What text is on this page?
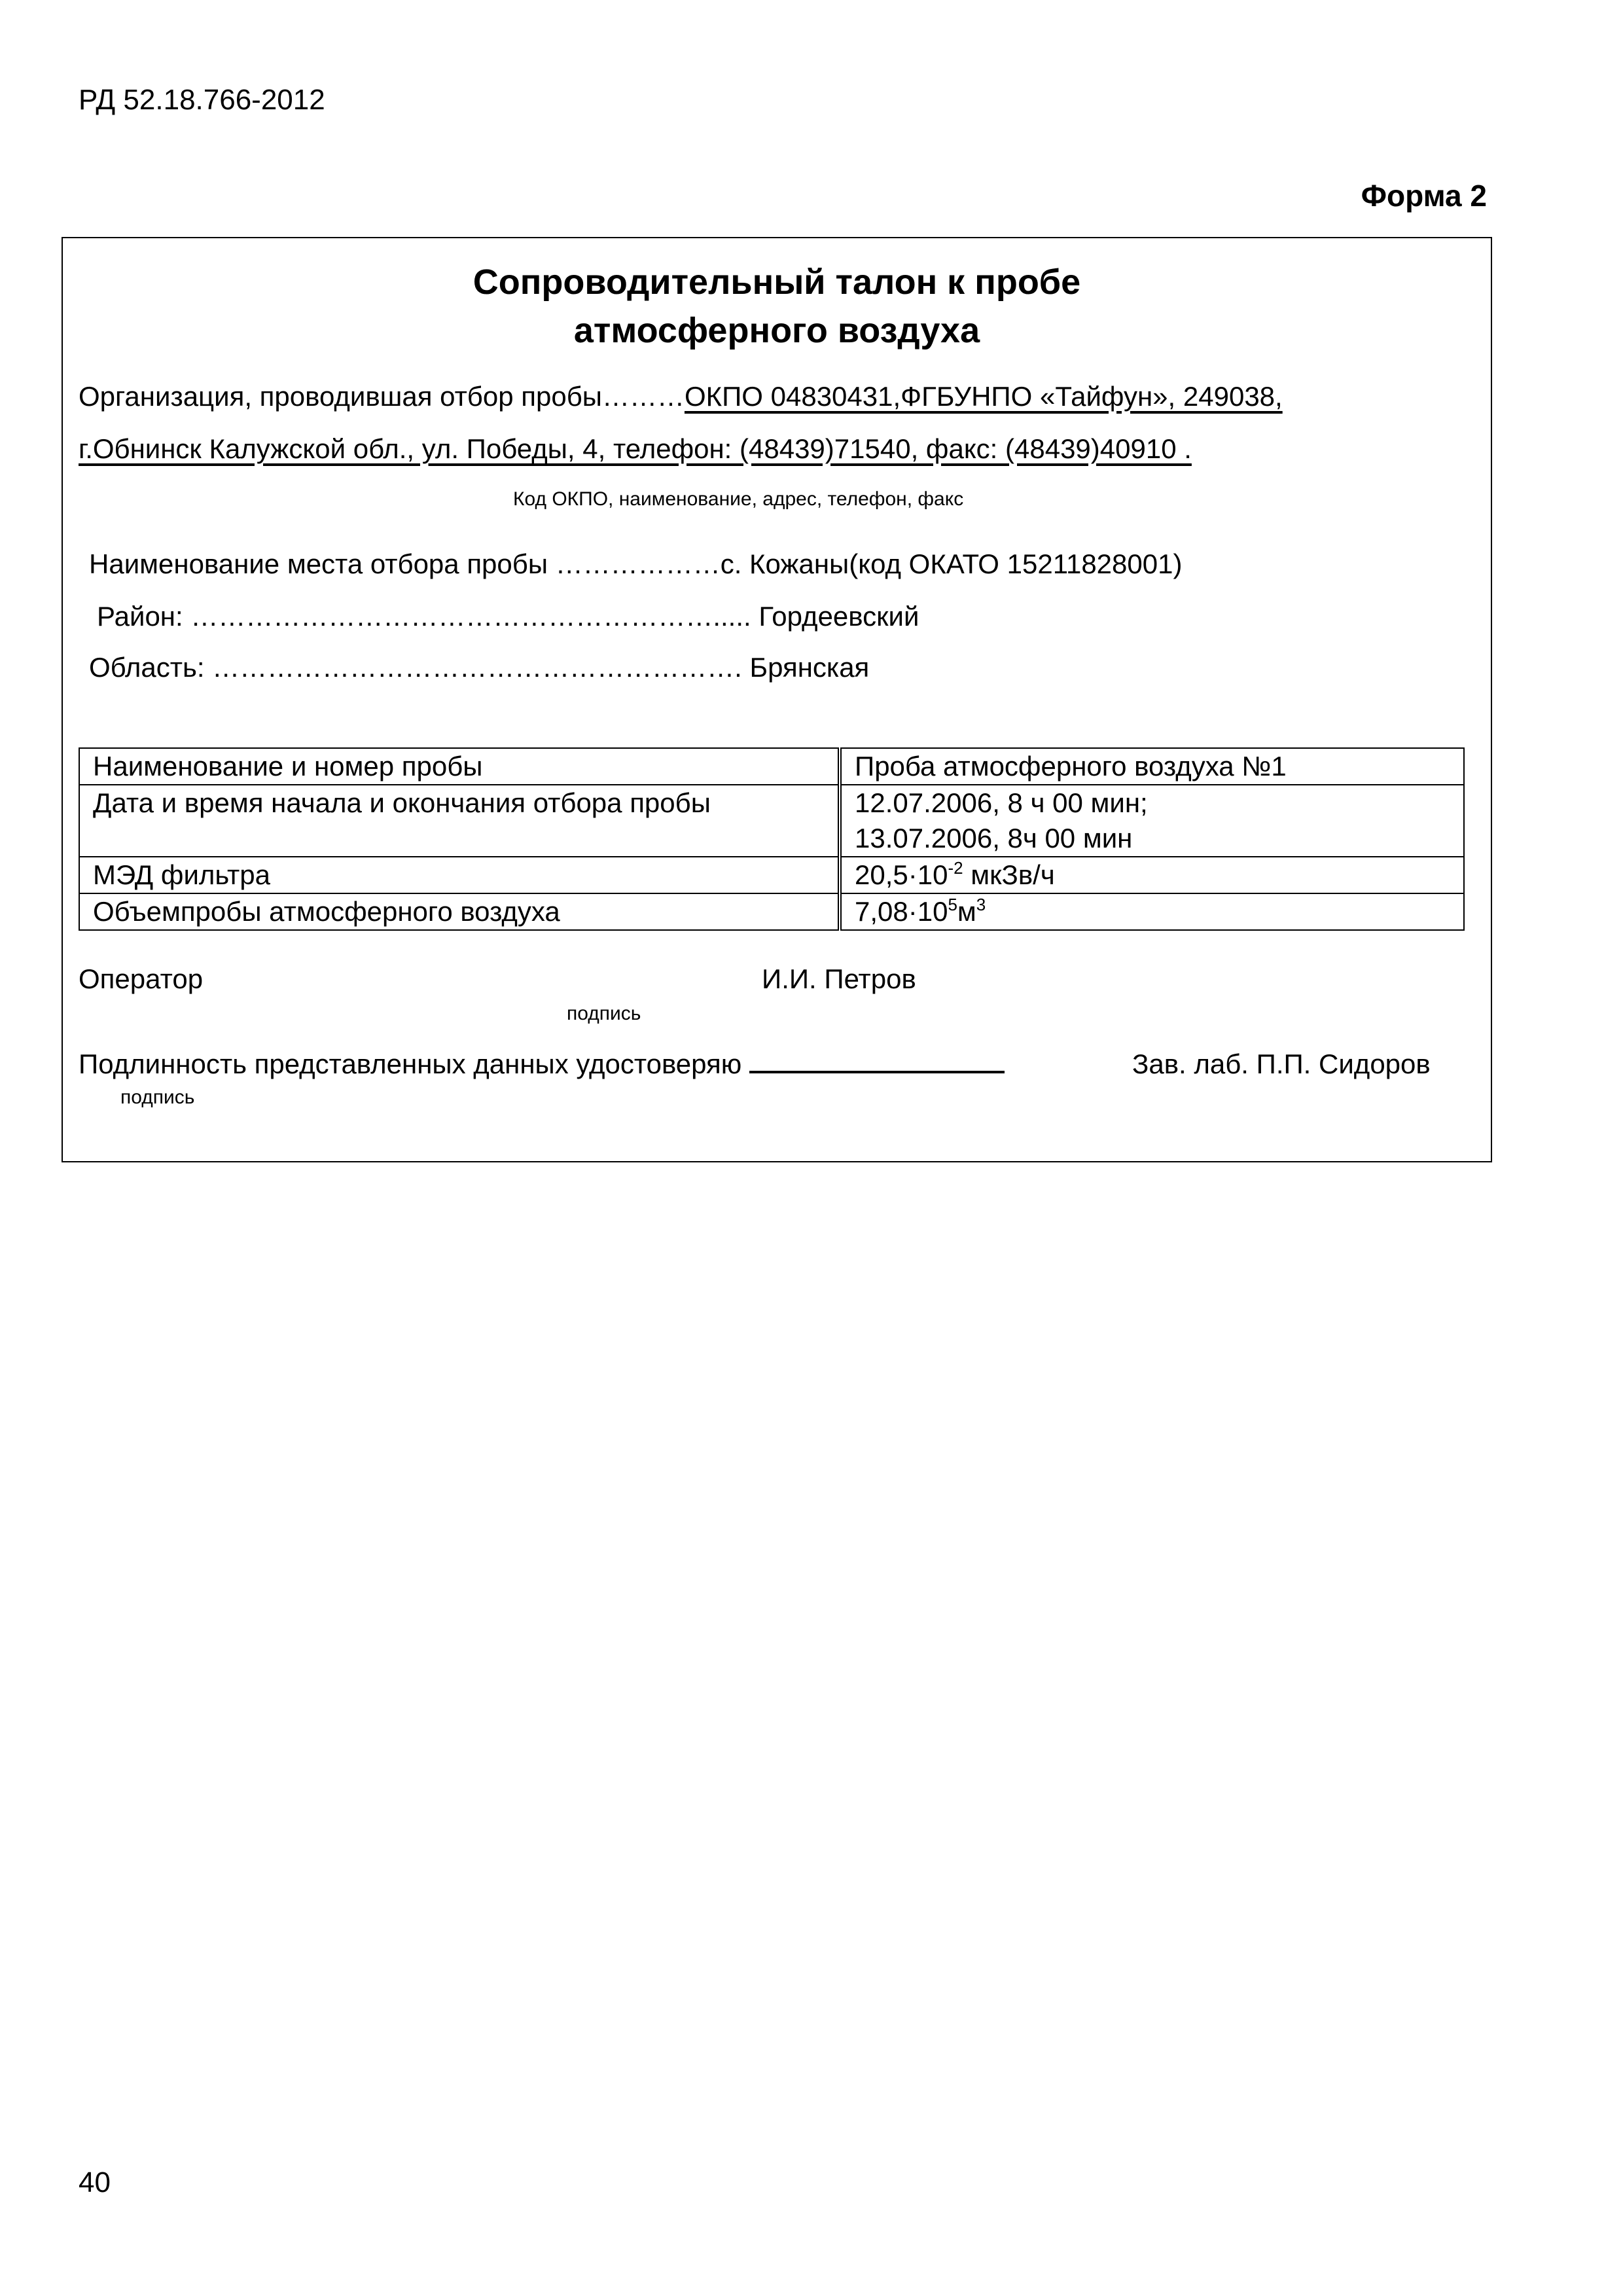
РД 52.18.766-2012
Форма 2
Сопроводительный талон к пробе
атмосферного воздуха
Организация, проводившая отбор пробы………ОКПО 04830431,ФГБУНПО «Тайфун», 249038,
г.Обнинск Калужской обл., ул. Победы, 4, телефон: (48439)71540, факс: (48439)40910 .
Код ОКПО, наименование, адрес, телефон, факс
Наименование места отбора пробы ………………с. Кожаны(код ОКАТО 15211828001)
Район: …………………………………………………..... Гордеевский
Область: …………………………………………………. Брянская
Наименование и номер пробы	Проба атмосферного воздуха №1
Дата и время начала и окончания отбора пробы	12.07.2006, 8 ч 00 мин;
13.07.2006, 8ч 00 мин

МЭД фильтра	$20,5\cdot 10^{-2}$ мкЗв/ч
Объемпробы атмосферного воздуха	$7,08\cdot 10^5м^3$
Оператор	И.И. Петров
подпись
Подлинность представленных данных удостоверяю	Зав. лаб. П.П. Сидоров
подпись
40
